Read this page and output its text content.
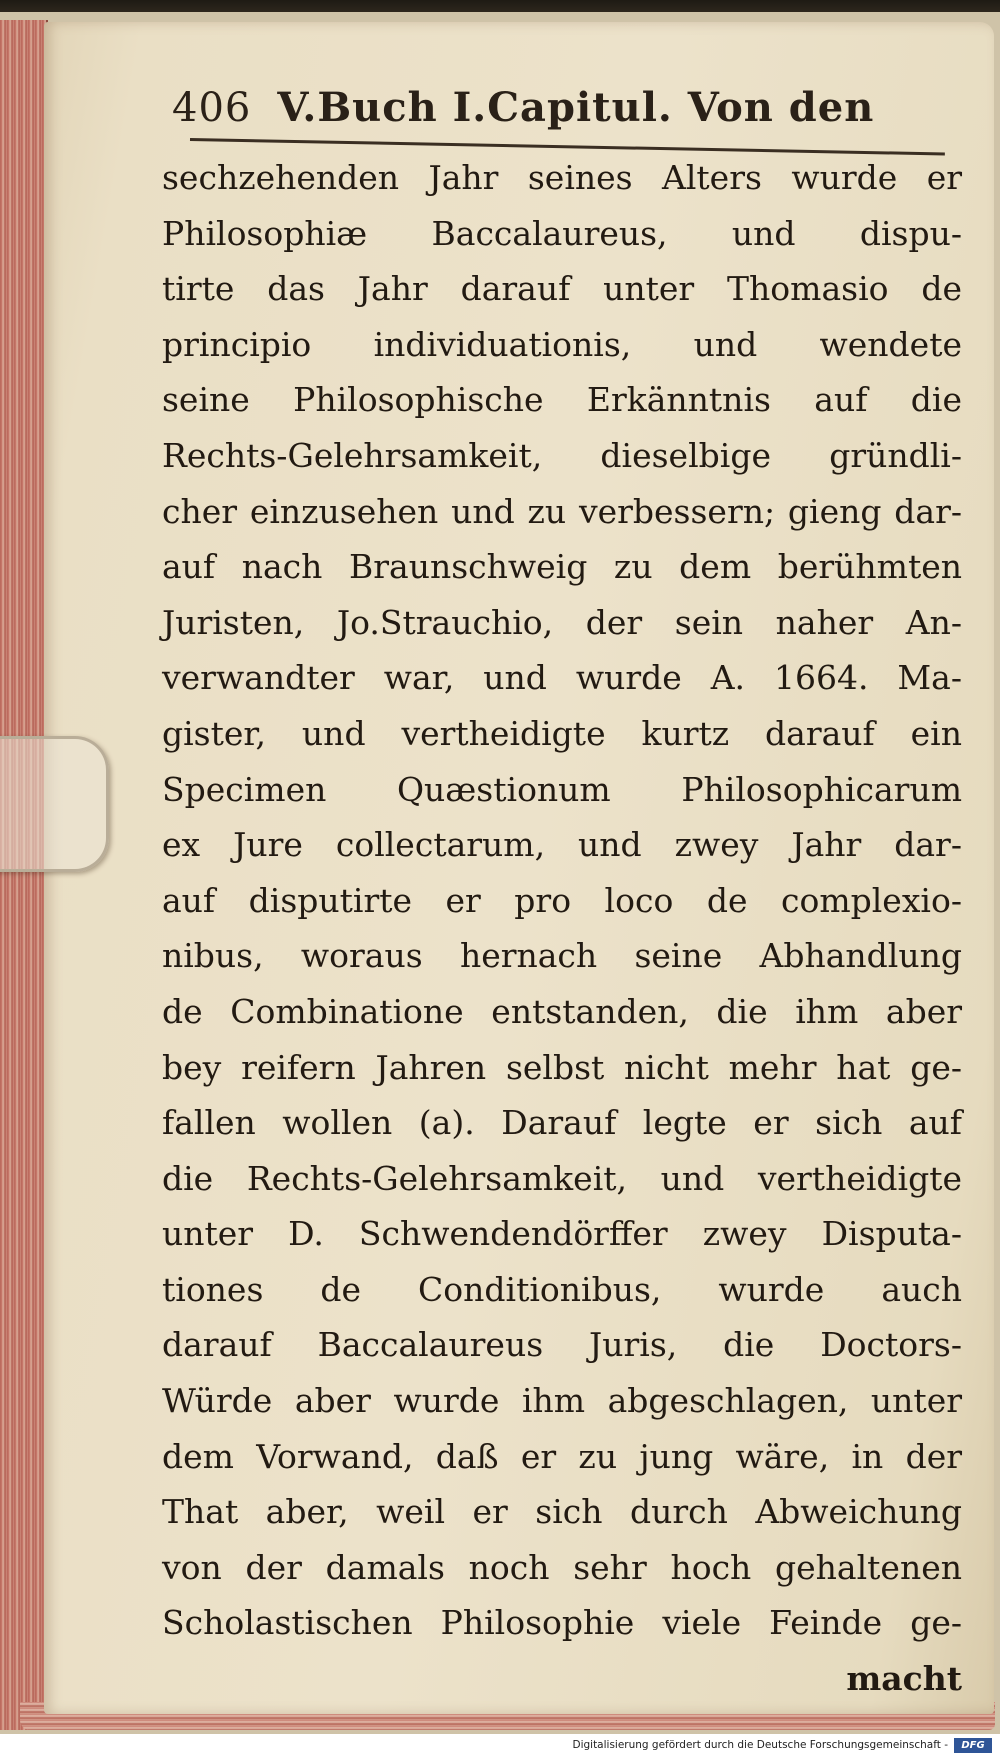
406 V.Buch I.Capitul. Von den
sechzehenden Jahr seines Alters wurde er
Philosophiæ Baccalaureus, und dispu-
tirte das Jahr darauf unter Thomasio de
principio individuationis, und wendete
seine Philosophische Erkänntnis auf die
Rechts-Gelehrsamkeit, dieselbige gründli-
cher einzusehen und zu verbessern; gieng dar-
auf nach Braunschweig zu dem berühmten
Juristen, Jo.Strauchio, der sein naher An-
verwandter war, und wurde A. 1664. Ma-
gister, und vertheidigte kurtz darauf ein
Specimen Quæstionum Philosophicarum
ex Jure collectarum, und zwey Jahr dar-
auf disputirte er pro loco de complexio-
nibus, woraus hernach seine Abhandlung
de Combinatione entstanden, die ihm aber
bey reifern Jahren selbst nicht mehr hat ge-
fallen wollen (a). Darauf legte er sich auf
die Rechts-Gelehrsamkeit, und vertheidigte
unter D. Schwendendörffer zwey Disputa-
tiones de Conditionibus, wurde auch
darauf Baccalaureus Juris, die Doctors-
Würde aber wurde ihm abgeschlagen, unter
dem Vorwand, daß er zu jung wäre, in der
That aber, weil er sich durch Abweichung
von der damals noch sehr hoch gehaltenen
Scholastischen Philosophie viele Feinde ge-
macht
Digitalisierung gefördert durch die Deutsche Forschungsgemeinschaft -	DFG
